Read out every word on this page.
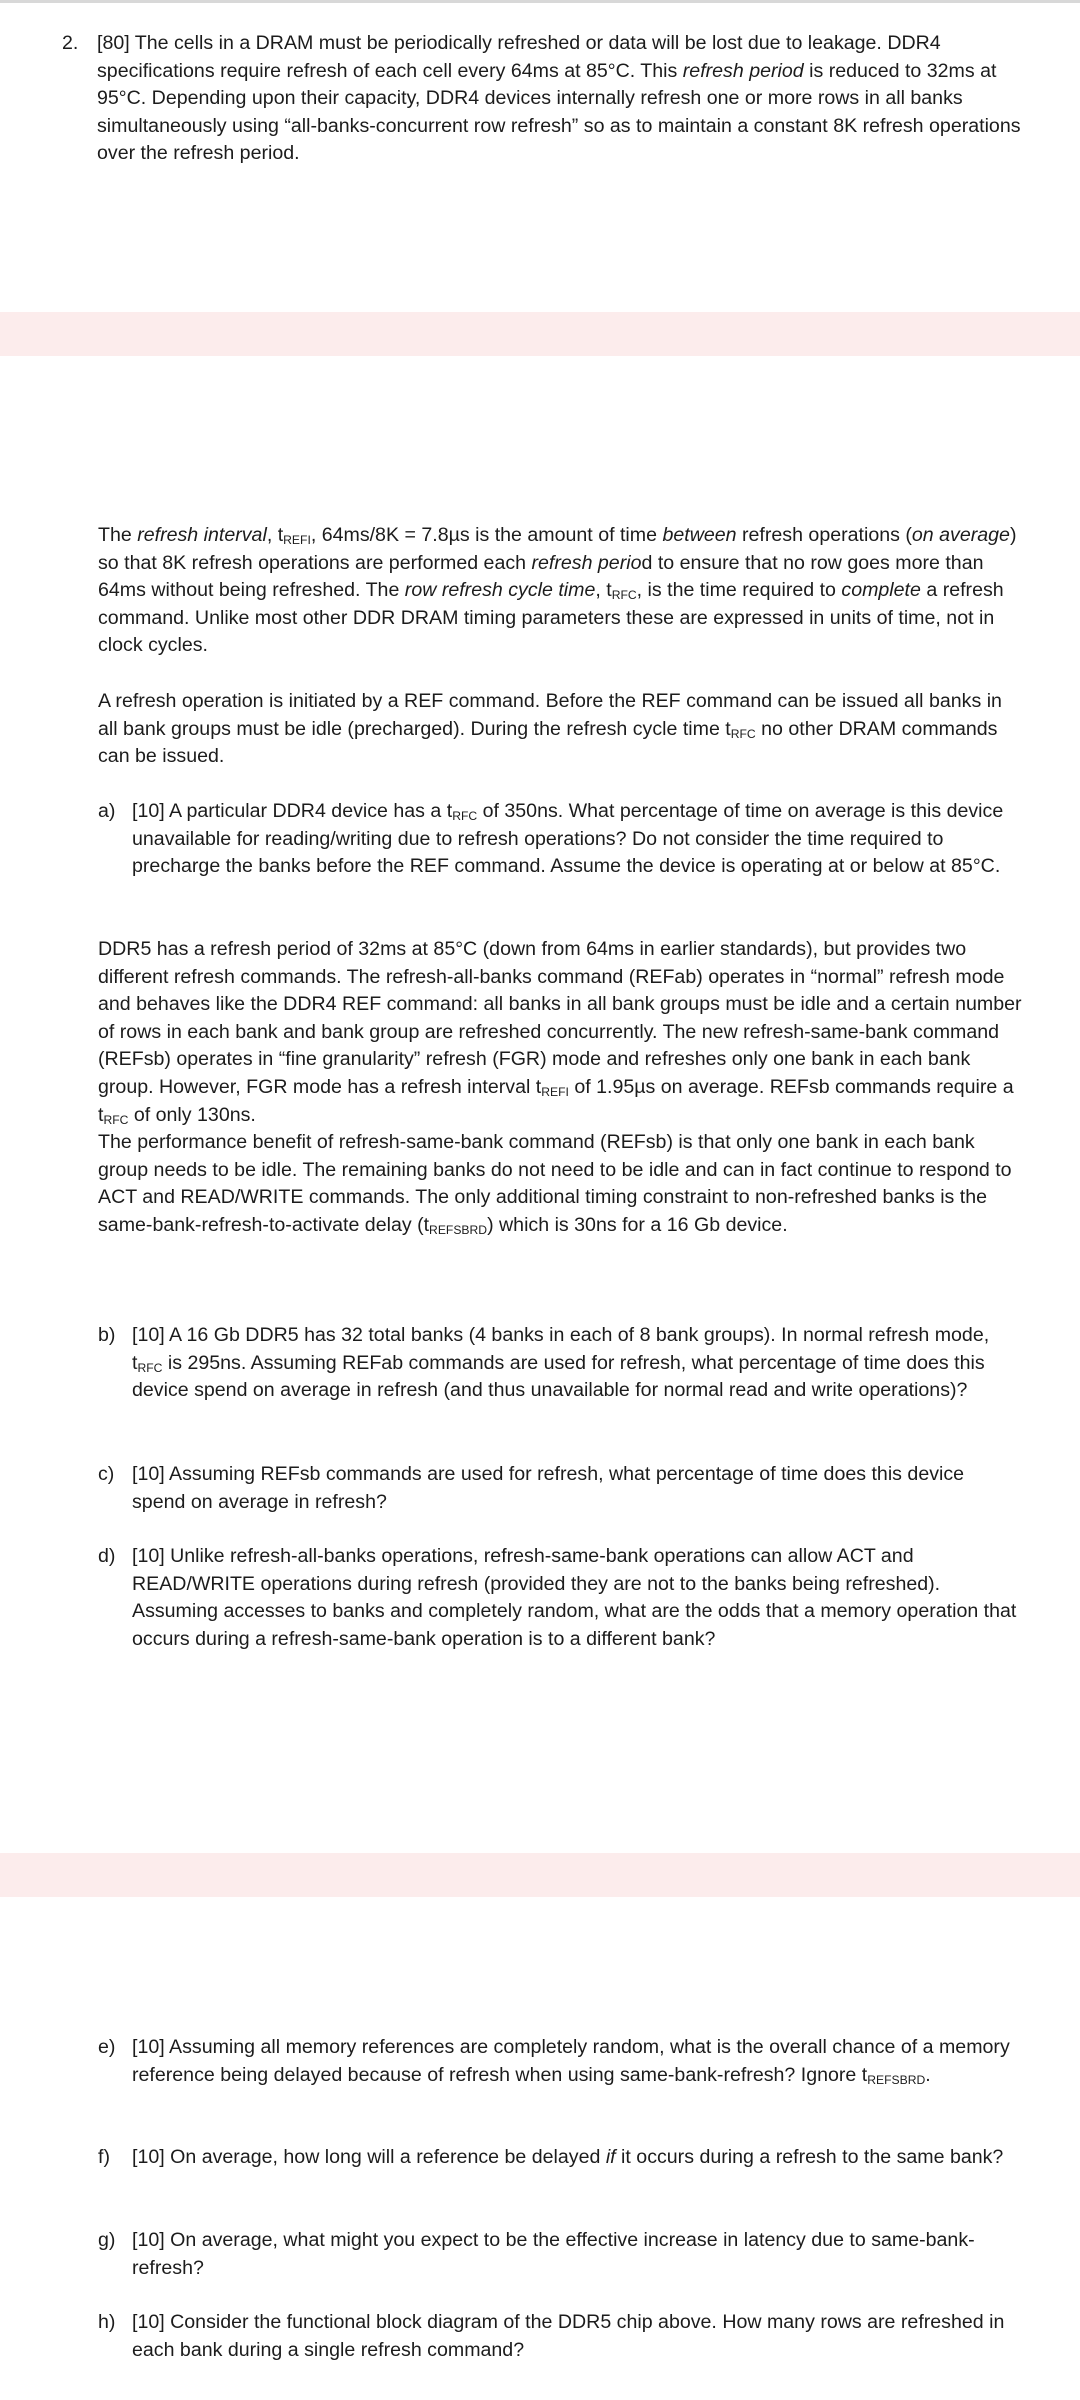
2. [80] The cells in a DRAM must be periodically refreshed or data will be lost due to leakage. DDR4 specifications require refresh of each cell every 64ms at 85°C. This refresh period is reduced to 32ms at 95°C. Depending upon their capacity, DDR4 devices internally refresh one or more rows in all banks simultaneously using “all-banks-concurrent row refresh” so as to maintain a constant 8K refresh operations over the refresh period.
The refresh interval, $t_{REFI}$, 64ms/8K = 7.8µs is the amount of time between refresh operations (on average) so that 8K refresh operations are performed each refresh period to ensure that no row goes more than 64ms without being refreshed. The row refresh cycle time, $t_{RFC}$, is the time required to complete a refresh command. Unlike most other DDR DRAM timing parameters these are expressed in units of time, not in clock cycles.
A refresh operation is initiated by a REF command. Before the REF command can be issued all banks in all bank groups must be idle (precharged). During the refresh cycle time $t_{RFC}$ no other DRAM commands can be issued.
a) [10] A particular DDR4 device has a $t_{RFC}$ of 350ns. What percentage of time on average is this device unavailable for reading/writing due to refresh operations? Do not consider the time required to precharge the banks before the REF command. Assume the device is operating at or below at 85°C.
DDR5 has a refresh period of 32ms at 85°C (down from 64ms in earlier standards), but provides two different refresh commands. The refresh-all-banks command (REFab) operates in “normal” refresh mode and behaves like the DDR4 REF command: all banks in all bank groups must be idle and a certain number of rows in each bank and bank group are refreshed concurrently. The new refresh-same-bank command (REFsb) operates in “fine granularity” refresh (FGR) mode and refreshes only one bank in each bank group. However, FGR mode has a refresh interval $t_{REFI}$ of 1.95µs on average. REFsb commands require a $t_{RFC}$ of only 130ns.
The performance benefit of refresh-same-bank command (REFsb) is that only one bank in each bank group needs to be idle. The remaining banks do not need to be idle and can in fact continue to respond to ACT and READ/WRITE commands. The only additional timing constraint to non-refreshed banks is the same-bank-refresh-to-activate delay $(t_{REFSBRD})$ which is 30ns for a 16 Gb device.
b) [10] A 16 Gb DDR5 has 32 total banks (4 banks in each of 8 bank groups). In normal refresh mode, $t_{RFC}$ is 295ns. Assuming REFab commands are used for refresh, what percentage of time does this device spend on average in refresh (and thus unavailable for normal read and write operations)?
c) [10] Assuming REFsb commands are used for refresh, what percentage of time does this device spend on average in refresh?
d) [10] Unlike refresh-all-banks operations, refresh-same-bank operations can allow ACT and READ/WRITE operations during refresh (provided they are not to the banks being refreshed). Assuming accesses to banks and completely random, what are the odds that a memory operation that occurs during a refresh-same-bank operation is to a different bank?
e) [10] Assuming all memory references are completely random, what is the overall chance of a memory reference being delayed because of refresh when using same-bank-refresh? Ignore $t_{REFSBRD}$.
f) [10] On average, how long will a reference be delayed if it occurs during a refresh to the same bank?
g) [10] On average, what might you expect to be the effective increase in latency due to same-bank-refresh?
h) [10] Consider the functional block diagram of the DDR5 chip above. How many rows are refreshed in each bank during a single refresh command?
